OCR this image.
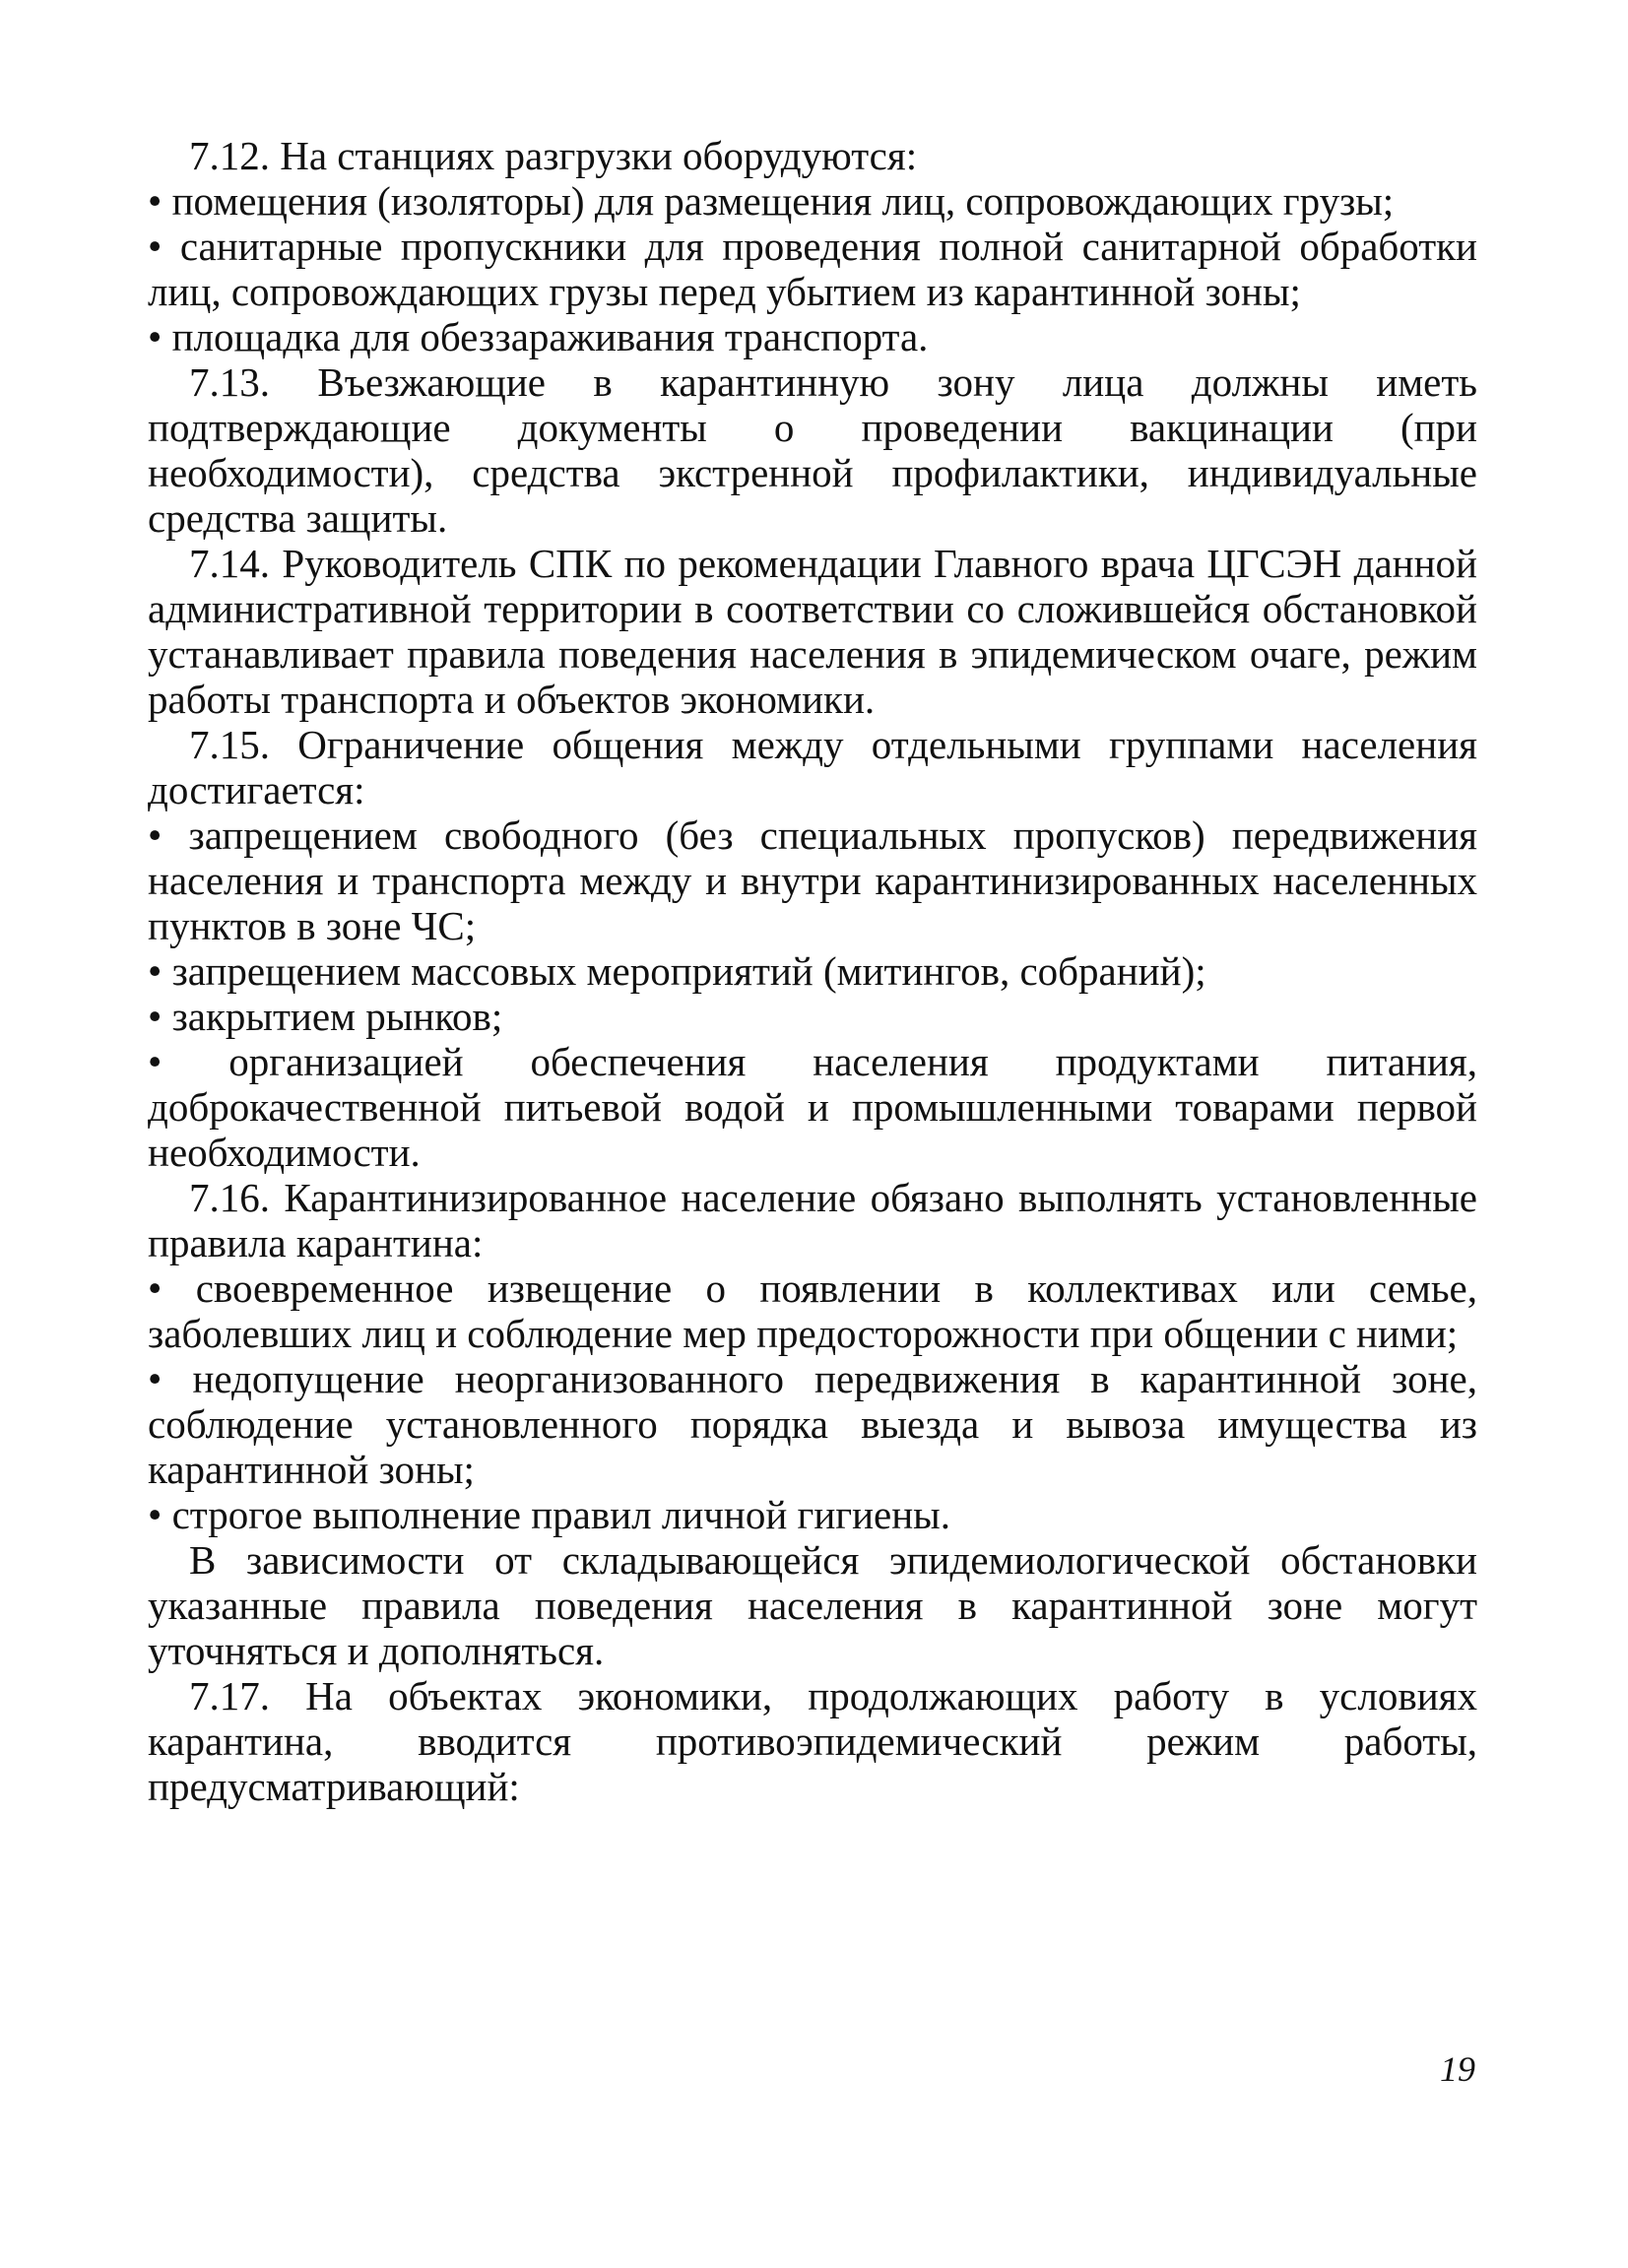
7.12. На станциях разгрузки оборудуются:

• помещения (изоляторы) для размещения лиц, сопровождающих грузы;

• санитарные пропускники для проведения полной санитарной обработки лиц, сопровождающих грузы перед убытием из карантинной зоны;

• площадка для обеззараживания транспорта.

7.13. Въезжающие в карантинную зону лица должны иметь подтверждающие документы о проведении вакцинации (при необходимости), средства экстренной профилактики, индивидуальные средства защиты.

7.14. Руководитель СПК по рекомендации Главного врача ЦГСЭН данной административной территории в соответствии со сложившейся обстановкой устанавливает правила поведения населения в эпидемическом очаге, режим работы транспорта и объектов экономики.

7.15. Ограничение общения между отдельными группами населения достигается:

• запрещением свободного (без специальных пропусков) передвижения населения и транспорта между и внутри карантинизированных населенных пунктов в зоне ЧС;

• запрещением массовых мероприятий (митингов, собраний);

• закрытием рынков;

• организацией обеспечения населения продуктами питания, доброкачественной питьевой водой и промышленными товарами первой необходимости.

7.16. Карантинизированное население обязано выполнять установленные правила карантина:

• своевременное извещение о появлении в коллективах или семье, заболевших лиц и соблюдение мер предосторожности при общении с ними;

• недопущение неорганизованного передвижения в карантинной зоне, соблюдение установленного порядка выезда и вывоза имущества из карантинной зоны;

• строгое выполнение правил личной гигиены.

В зависимости от складывающейся эпидемиологической обстановки указанные правила поведения населения в карантинной зоне могут уточняться и дополняться.

7.17. На объектах экономики, продолжающих работу в условиях карантина, вводится противоэпидемический режим работы, предусматривающий:

19
